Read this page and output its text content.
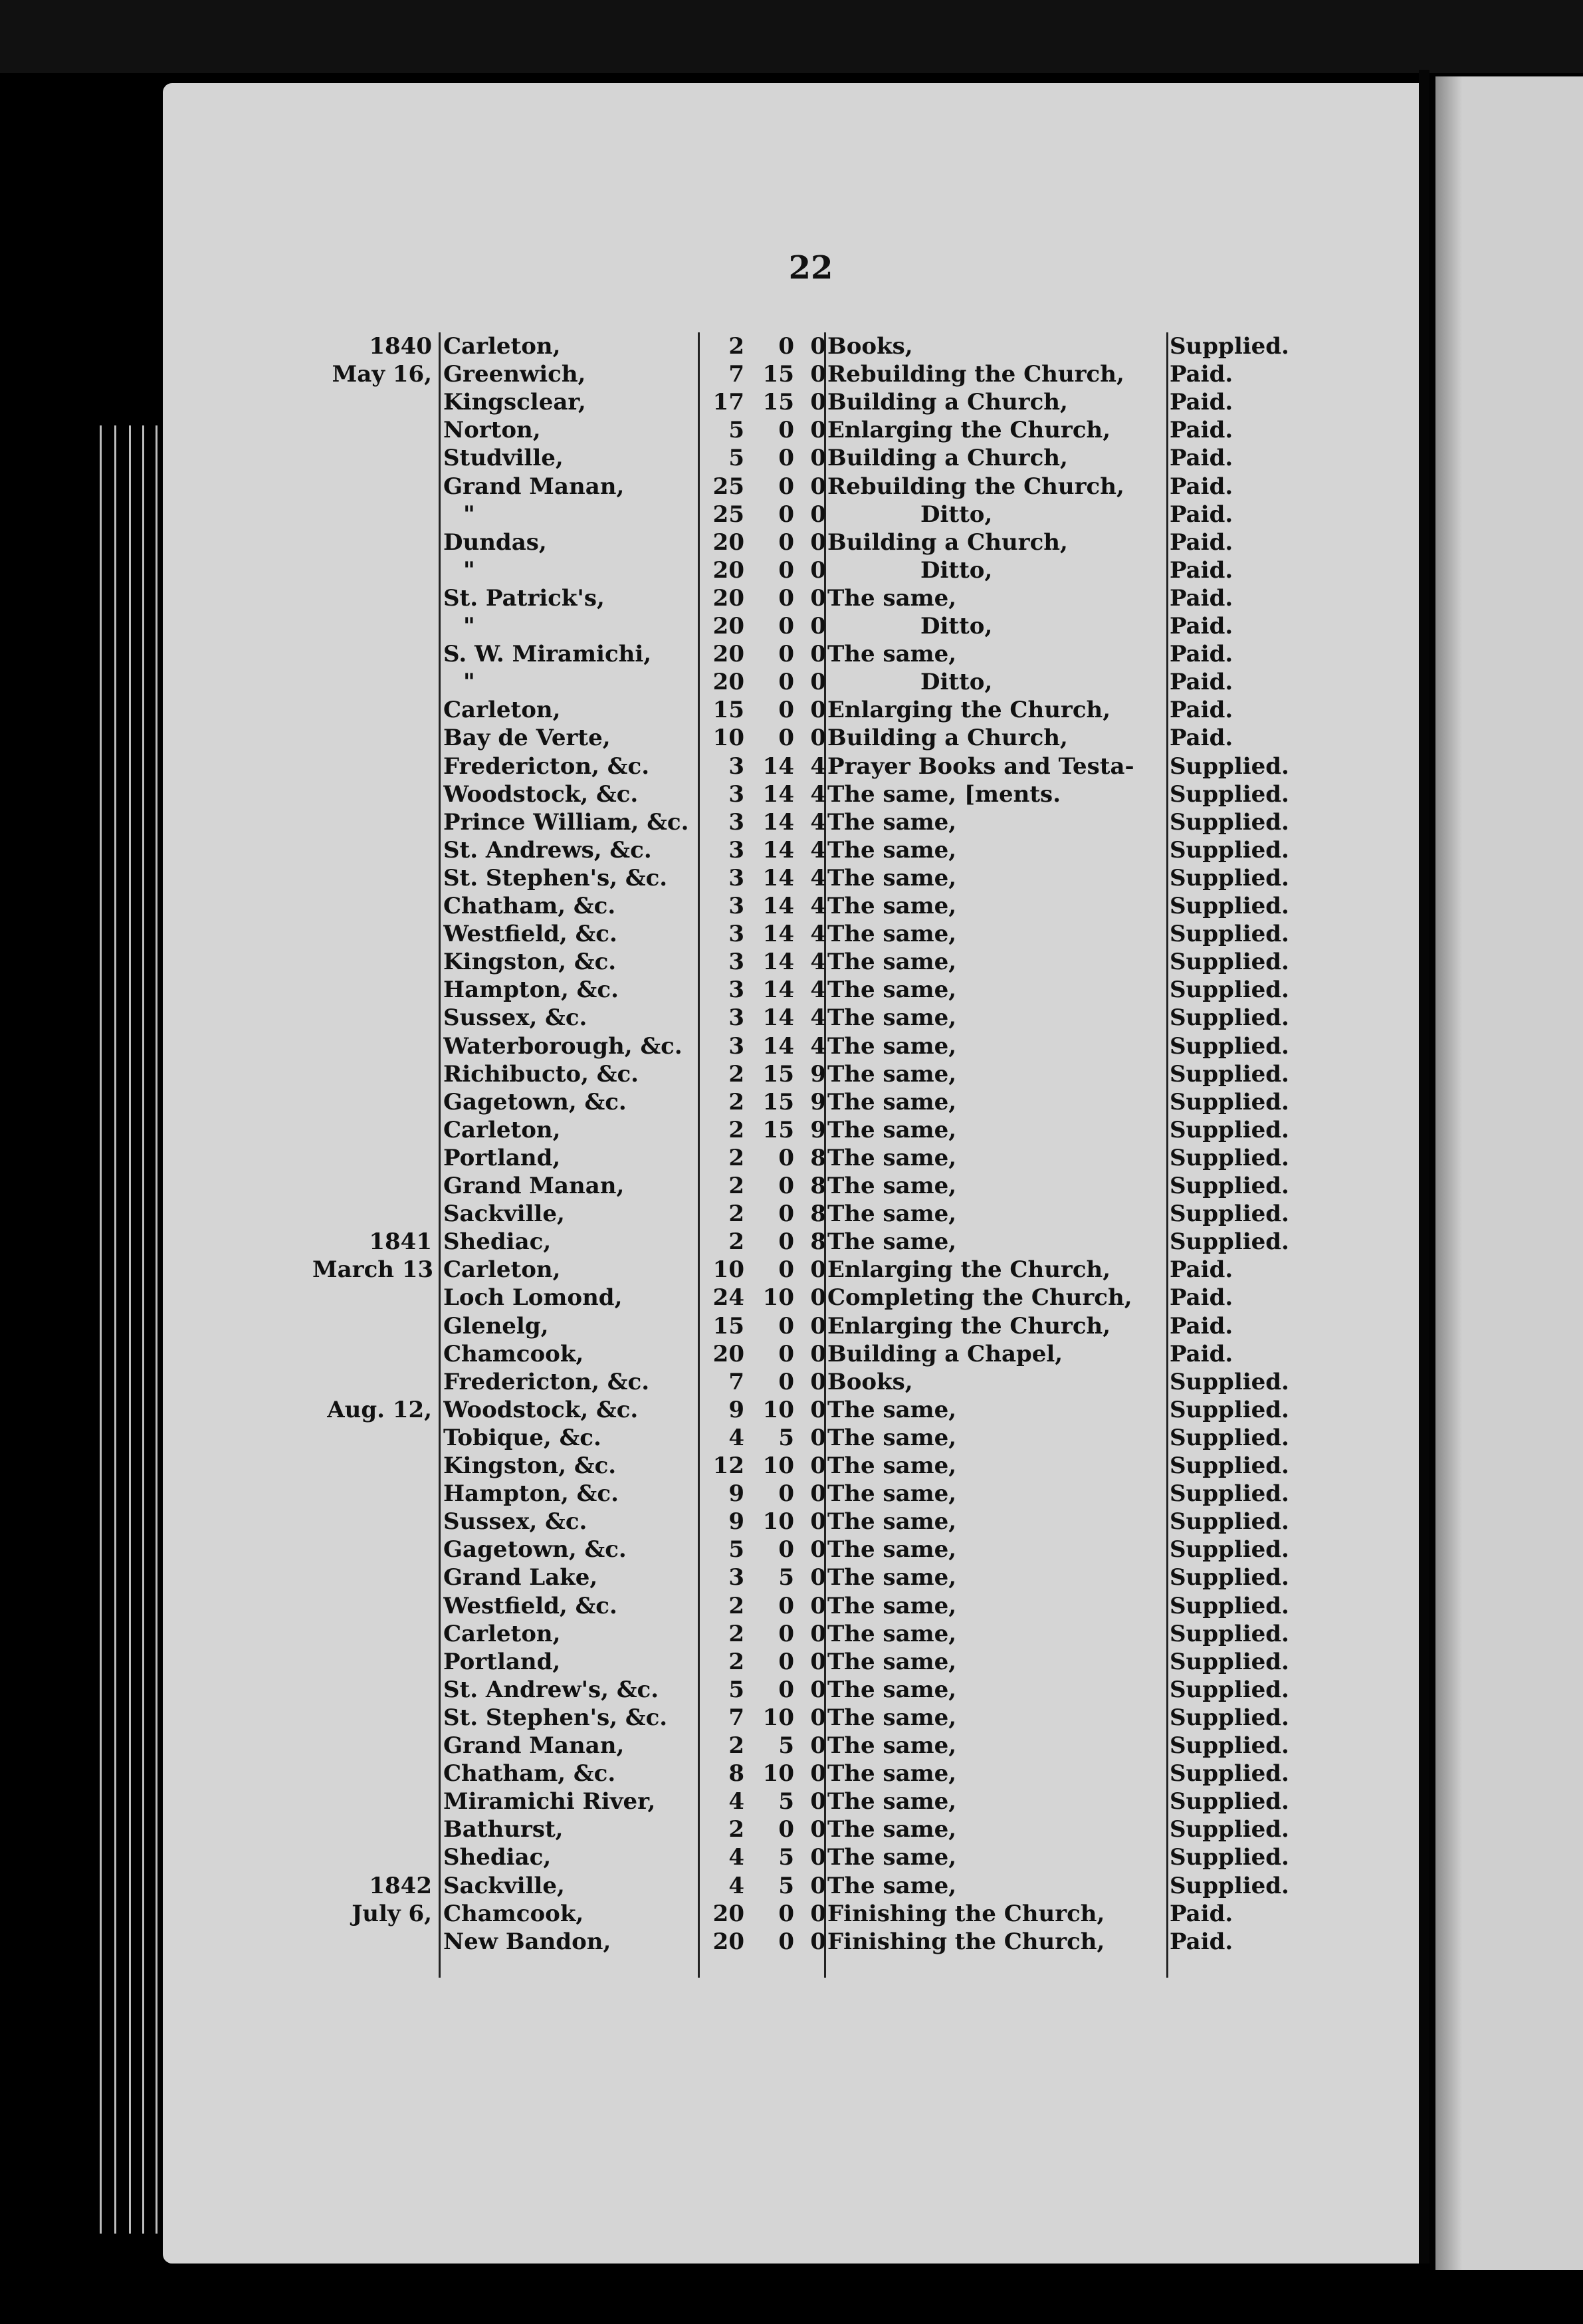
22
1840 Carleton,	2	0 0 Books,	Supplied.
May 16, Greenwich,	7 15 0 Rebuilding the Church,	Paid.
Kingsclear,	17 15 0 Building a Church,	Paid.
Norton,	5	0 0 Enlarging the Church,	Paid.
Studville,	5	0 0 Building a Church,	Paid.
Grand Manan,	25	0 0 Rebuilding the Church,	Paid.
"	25	0 0	Ditto,	Paid.
Dundas,	20	0 0 Building a Church,	Paid.
"	20	0 0	Ditto,	Paid.
St. Patrick's,	20	0 0 The same,	Paid.
"	20	0 0	Ditto,	Paid.
S. W. Miramichi,	20	0 0 The same,	Paid.
"	20	0 0	Ditto,	Paid.
Carleton,	15	0 0 Enlarging the Church,	Paid.
Bay de Verte,	10	0 0 Building a Church,	Paid.
Fredericton, &c.	3 14 4 Prayer Books and Testa-	Supplied.
Woodstock, &c.	3 14 4 The same, [ments.	Supplied.
Prince William, &c.	3 14 4 The same,	Supplied.
St. Andrews, &c.	3 14 4 The same,	Supplied.
St. Stephen's, &c.	3 14 4 The same,	Supplied.
Chatham, &c.	3 14 4 The same,	Supplied.
Westfield, &c.	3 14 4 The same,	Supplied.
Kingston, &c.	3 14 4 The same,	Supplied.
Hampton, &c.	3 14 4 The same,	Supplied.
Sussex, &c.	3 14 4 The same,	Supplied.
Waterborough, &c.	3 14 4 The same,	Supplied.
Richibucto, &c.	2 15 9 The same,	Supplied.
Gagetown, &c.	2 15 9 The same,	Supplied.
Carleton,	2 15 9 The same,	Supplied.
Portland,	2	0 8 The same,	Supplied.
Grand Manan,	2	0 8 The same,	Supplied.
Sackville,	2	0 8 The same,	Supplied.
1841 Shediac,	2	0 8 The same,	Supplied.
March 13 Carleton,	10	0 0 Enlarging the Church,	Paid.
Loch Lomond,	24 10 0 Completing the Church,	Paid.
Glenelg,	15	0 0 Enlarging the Church,	Paid.
Chamcook,	20	0 0 Building a Chapel,	Paid.
Fredericton, &c.	7	0 0 Books,	Supplied.
Aug. 12, Woodstock, &c.	9 10 0 The same,	Supplied.
Tobique, &c.	4	5 0 The same,	Supplied.
Kingston, &c.	12 10 0 The same,	Supplied.
Hampton, &c.	9	0 0 The same,	Supplied.
Sussex, &c.	9 10 0 The same,	Supplied.
Gagetown, &c.	5	0 0 The same,	Supplied.
Grand Lake,	3	5 0 The same,	Supplied.
Westfield, &c.	2	0 0 The same,	Supplied.
Carleton,	2	0 0 The same,	Supplied.
Portland,	2	0 0 The same,	Supplied.
St. Andrew's, &c.	5	0 0 The same,	Supplied.
St. Stephen's, &c.	7 10 0 The same,	Supplied.
Grand Manan,	2	5 0 The same,	Supplied.
Chatham, &c.	8 10 0 The same,	Supplied.
Miramichi River,	4	5 0 The same,	Supplied.
Bathurst,	2	0 0 The same,	Supplied.
Shediac,	4	5 0 The same,	Supplied.
1842 Sackville,	4	5 0 The same,	Supplied.
July 6, Chamcook,	20	0 0 Finishing the Church,	Paid.
New Bandon,	20	0 0 Finishing the Church,	Paid.
